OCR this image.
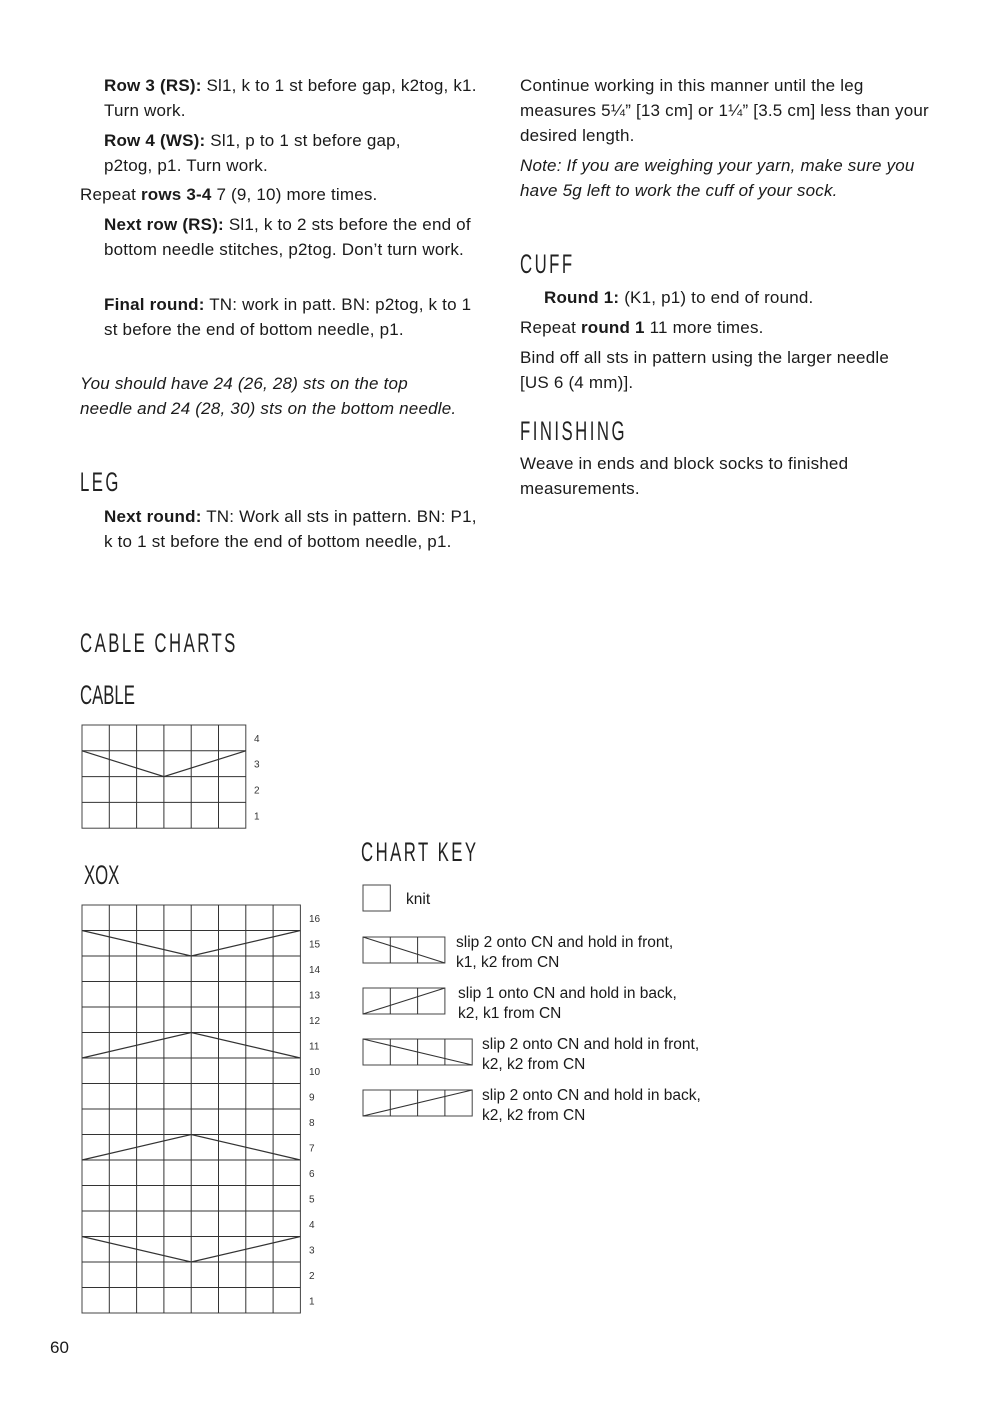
Row 3 (RS): Sl1, k to 1 st before gap, k2tog, k1. Turn work.
Row 4 (WS): Sl1, p to 1 st before gap, p2tog, p1. Turn work.
Repeat rows 3-4 7 (9, 10) more times.
Next row (RS): Sl1, k to 2 sts before the end of bottom needle stitches, p2tog. Don’t turn work.
Final round: TN: work in patt. BN: p2tog, k to 1 st before the end of bottom needle, p1.
You should have 24 (26, 28) sts on the top needle and 24 (28, 30) sts on the bottom needle.
LEG
Next round: TN: Work all sts in pattern. BN: P1, k to 1 st before the end of bottom needle, p1.
Continue working in this manner until the leg measures 5¼” [13 cm] or 1¼” [3.5 cm] less than your desired length.
Note: If you are weighing your yarn, make sure you have 5g left to work the cuff of your sock.
CUFF
Round 1: (K1, p1) to end of round.
Repeat round 1 11 more times.
Bind off all sts in pattern using the larger needle [US 6 (4 mm)].
FINISHING
Weave in ends and block socks to finished measurements.
CABLE CHARTS
CABLE
XOX
CHART KEY
1
2
3
4
1
2
3
4
5
6
7
8
9
10
11
12
13
14
15
16
knit
slip 2 onto CN and hold in front,
k1, k2 from CN
slip 1 onto CN and hold in back,
k2, k1 from CN
slip 2 onto CN and hold in front,
k2, k2 from CN
slip 2 onto CN and hold in back,
k2, k2 from CN
60
